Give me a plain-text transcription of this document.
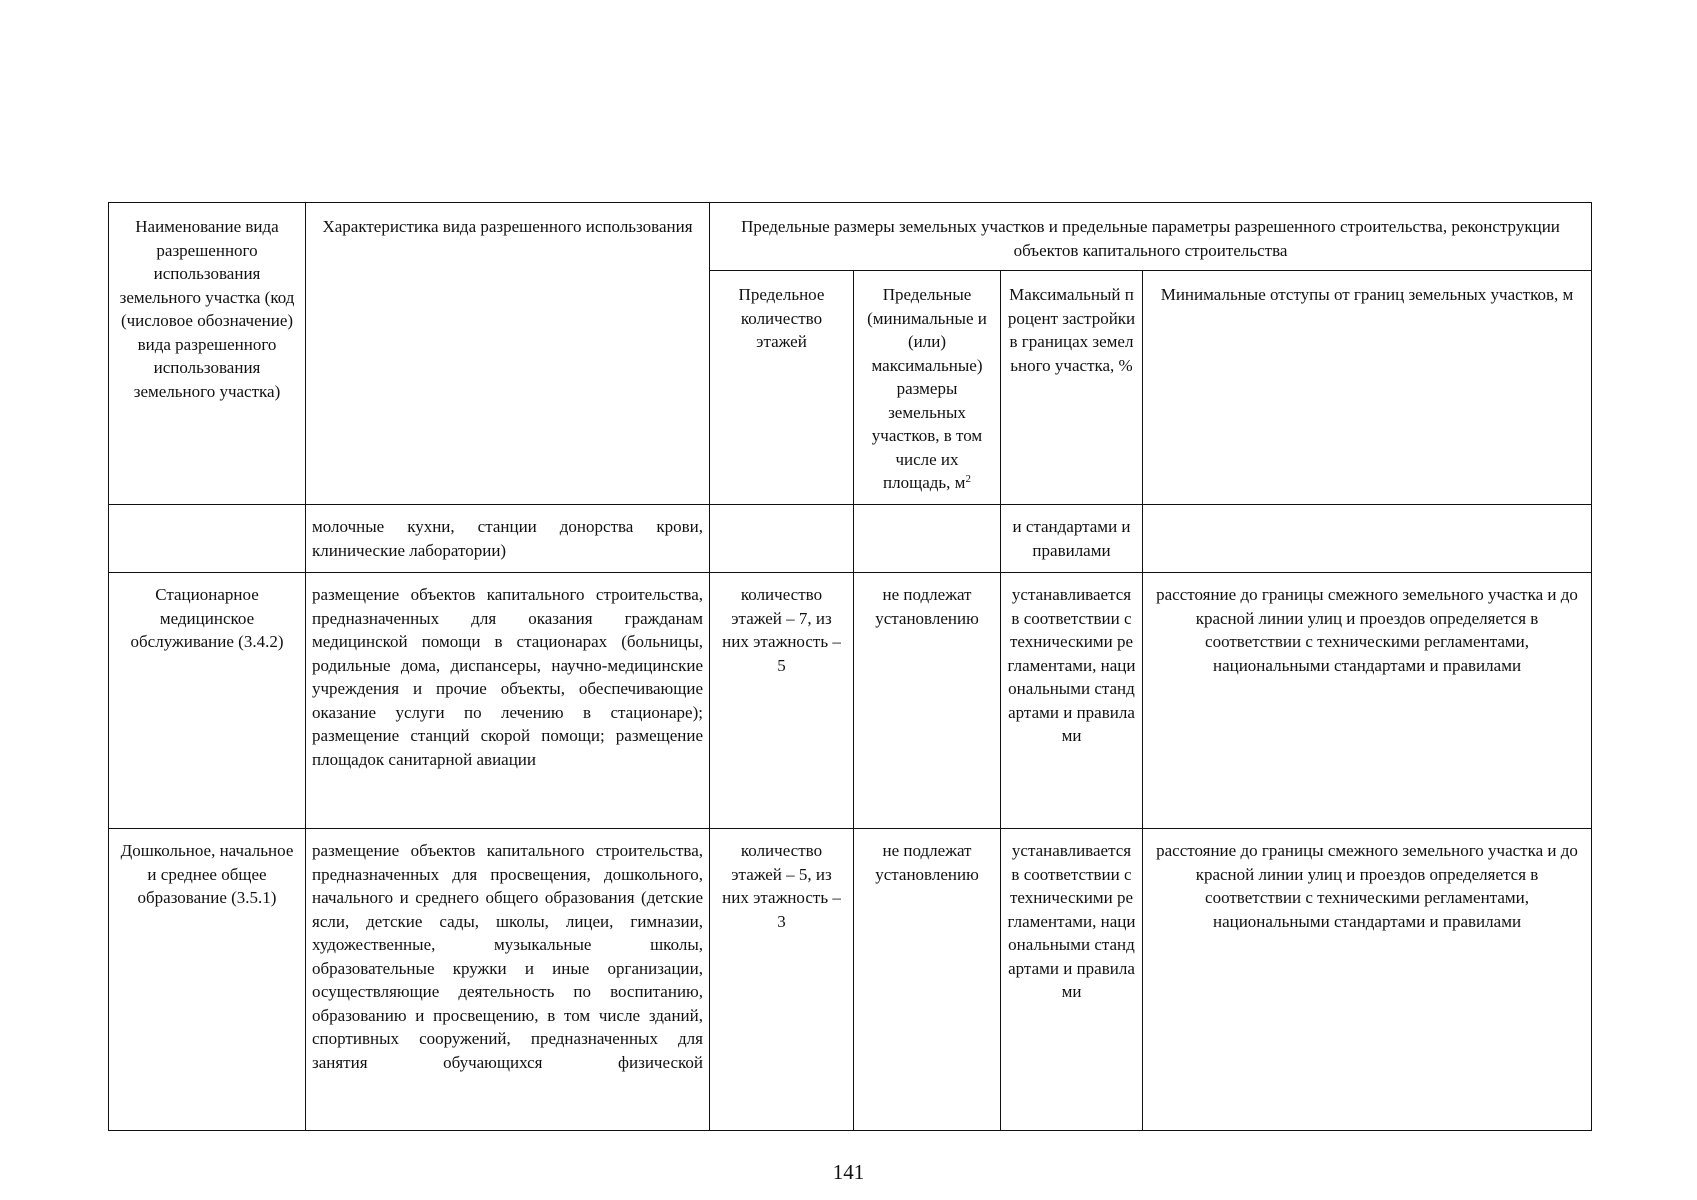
Наименование вида разрешенного использования земельного участка (код (числовое обозначение) вида разрешенного использования земельного участка)	Характеристика вида разрешенного использования	Предельные размеры земельных участков и предельные параметры разрешенного строительства, реконструкции объектов капитального строительства			
		Предельное количество этажей	Предельные (минимальные и (или) максимальные) размеры земельных участков, в том числе их площадь, $м^2$	Максимальный процент застройки в границах земельного участка, %	Минимальные отступы от границ земельных участков, м
	молочные кухни, станции донорства крови, клинические лаборатории)			и стандартами и правилами	
Стационарное медицинское обслуживание (3.4.2)	размещение объектов капитального строительства, предназначенных для оказания гражданам медицинской помощи в стационарах (больницы, родильные дома, диспансеры, научно-медицинские учреждения и прочие объекты, обеспечивающие оказание услуги по лечению в стационаре); размещение станций скорой помощи; размещение площадок санитарной авиации	количество этажей – 7, из них этажность – 5	не подлежат установлению	устанавливается в соответствии с техническими регламентами, национальными стандартами и правилами	расстояние до границы смежного земельного участка и до красной линии улиц и проездов определяется в соответствии с техническими регламентами, национальными стандартами и правилами
Дошкольное, начальное и среднее общее образование (3.5.1)	размещение объектов капитального строительства, предназначенных для просвещения, дошкольного, начального и среднего общего образования (детские ясли, детские сады, школы, лицеи, гимназии, художественные, музыкальные школы, образовательные кружки и иные организации, осуществляющие деятельность по воспитанию, образованию и просвещению, в том числе зданий, спортивных сооружений, предназначенных для занятия обучающихся физической	количество этажей – 5, из них этажность – 3	не подлежат установлению	устанавливается в соответствии с техническими регламентами, национальными стандартами и правилами	расстояние до границы смежного земельного участка и до красной линии улиц и проездов определяется в соответствии с техническими регламентами, национальными стандартами и правилами
141
